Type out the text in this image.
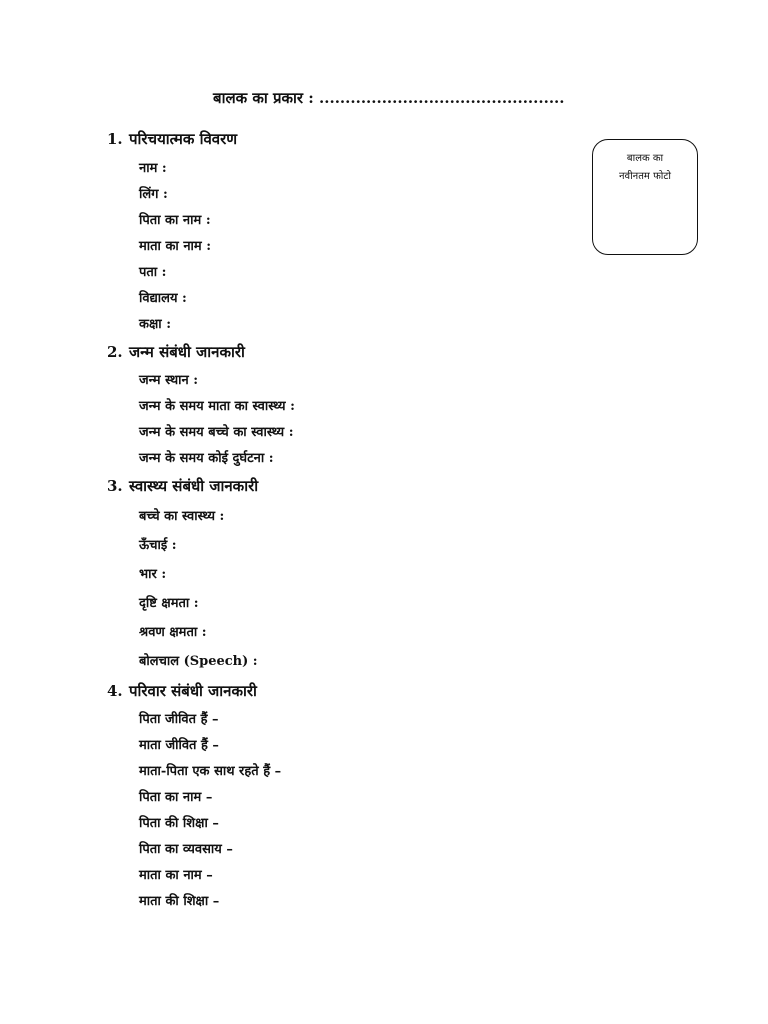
बालक का प्रकार : ...............................................
बालक का
नवीनतम फोटो
1. परिचयात्मक विवरण
नाम :
लिंग :
पिता का नाम :
माता का नाम :
पता :
विद्यालय :
कक्षा :
2. जन्म संबंधी जानकारी
जन्म स्थान :
जन्म के समय माता का स्वास्थ्य :
जन्म के समय बच्चे का स्वास्थ्य :
जन्म के समय कोई दुर्घटना :
3. स्वास्थ्य संबंधी जानकारी
बच्चे का स्वास्थ्य :
ऊँचाई :
भार :
दृष्टि क्षमता :
श्रवण क्षमता :
बोलचाल (Speech) :
4. परिवार संबंधी जानकारी
पिता जीवित हैं –
माता जीवित हैं –
माता-पिता एक साथ रहते हैं –
पिता का नाम –
पिता की शिक्षा –
पिता का व्यवसाय –
माता का नाम –
माता की शिक्षा –
